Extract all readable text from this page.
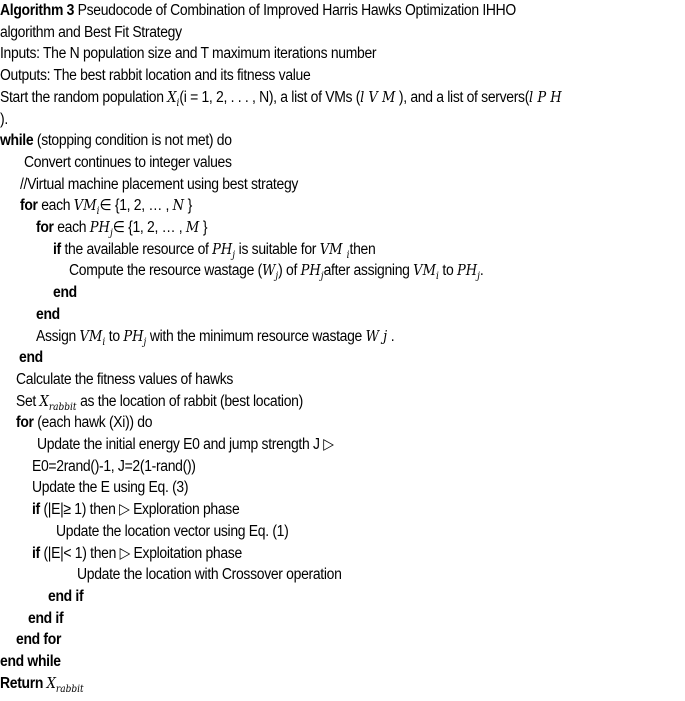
Algorithm 3 Pseudocode of Combination of Improved Harris Hawks Optimization IHHO
algorithm and Best Fit Strategy
Inputs: The N population size and T maximum iterations number
Outputs: The best rabbit location and its fitness value
Start the random population $X_i(i = 1$, 2, . . . , N), a list of VMs (l V M ), and a list of servers(l P H
).
while (stopping condition is not met) do
Convert continues to integer values
//Virtual machine placement using best strategy
for each $VM_i\in$ {1, 2, … , N }
for each $PH_j\in$ {1, 2, … , M }
if the available resource of $PH_j$ is suitable for VM $_i$then
Compute the resource wastage $(W_j)$ of $PH_jafter$ assigning $VM_i$ to $PH_j$.
end
end
Assign $VM_i$ to $PH_j$ with the minimum resource wastage W j .
end
Calculate the fitness values of hawks
Set $X_{rabbit}$ as the location of rabbit (best location)
for (each hawk (Xi)) do
Update the initial energy E0 and jump strength J ▷
E0=2rand()-1, J=2(1-rand())
Update the E using Eq. (3)
if (|E|≥ 1) then ▷ Exploration phase
Update the location vector using Eq. (1)
if (|E|< 1) then ▷ Exploitation phase
Update the location with Crossover operation
end if
end if
end for
end while
Return $X_{rabbit}$
